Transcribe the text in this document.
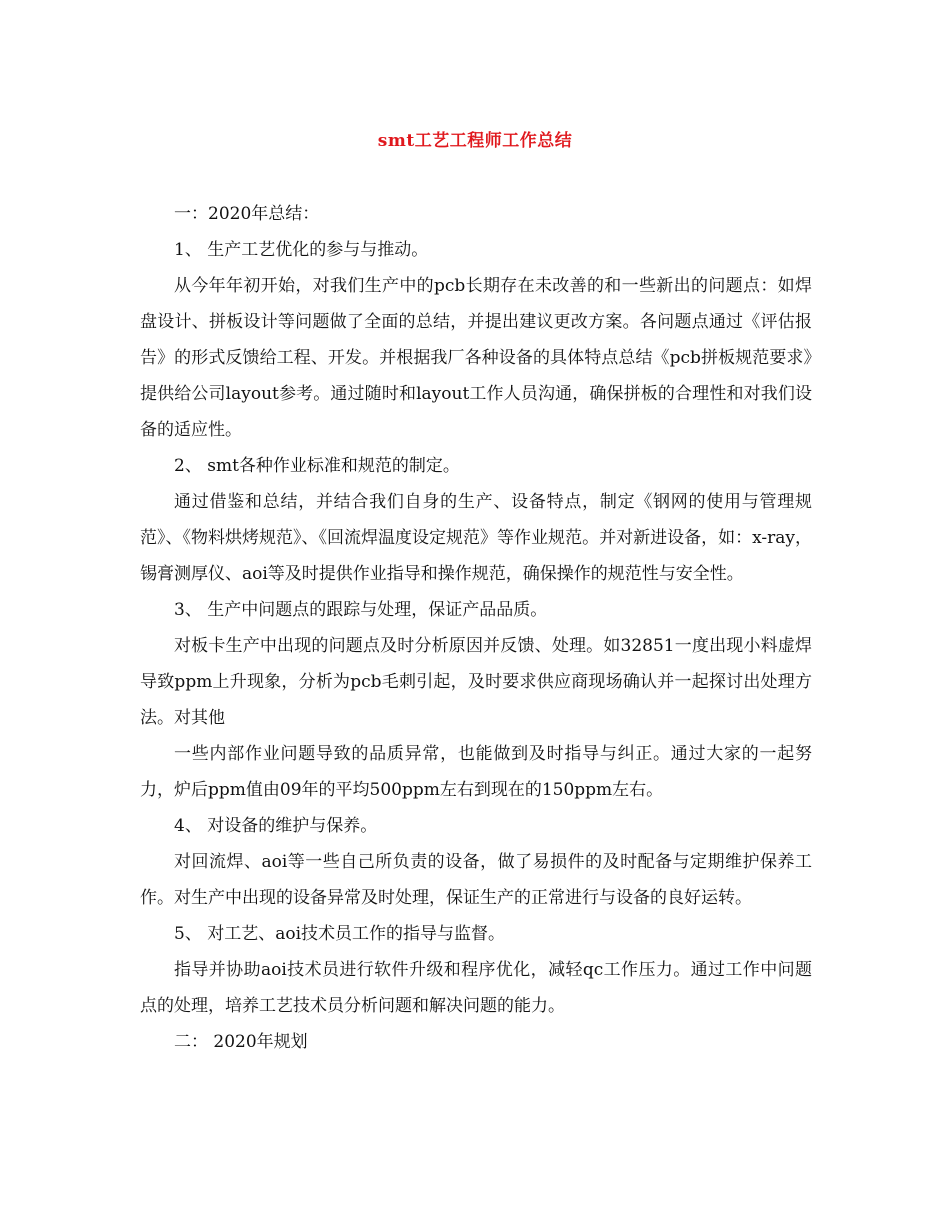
smt工艺工程师工作总结

一：2020年总结：

1、 生产工艺优化的参与与推动。

从今年年初开始，对我们生产中的pcb长期存在未改善的和一些新出的问题点：如焊盘设计、拼板设计等问题做了全面的总结，并提出建议更改方案。各问题点通过《评估报告》的形式反馈给工程、开发。并根据我厂各种设备的具体特点总结《pcb拼板规范要求》提供给公司layout参考。通过随时和layout工作人员沟通，确保拼板的合理性和对我们设备的适应性。

2、 smt各种作业标准和规范的制定。

通过借鉴和总结，并结合我们自身的生产、设备特点，制定《钢网的使用与管理规范》、《物料烘烤规范》、《回流焊温度设定规范》等作业规范。并对新进设备，如：x-ray，锡膏测厚仪、aoi等及时提供作业指导和操作规范，确保操作的规范性与安全性。

3、 生产中问题点的跟踪与处理，保证产品品质。

对板卡生产中出现的问题点及时分析原因并反馈、处理。如32851一度出现小料虚焊导致ppm上升现象，分析为pcb毛刺引起，及时要求供应商现场确认并一起探讨出处理方法。对其他

一些内部作业问题导致的品质异常，也能做到及时指导与纠正。通过大家的一起努力，炉后ppm值由09年的平均500ppm左右到现在的150ppm左右。

4、 对设备的维护与保养。

对回流焊、aoi等一些自己所负责的设备，做了易损件的及时配备与定期维护保养工作。对生产中出现的设备异常及时处理，保证生产的正常进行与设备的良好运转。

5、 对工艺、aoi技术员工作的指导与监督。

指导并协助aoi技术员进行软件升级和程序优化，减轻qc工作压力。通过工作中问题点的处理，培养工艺技术员分析问题和解决问题的能力。

二： 2020年规划
